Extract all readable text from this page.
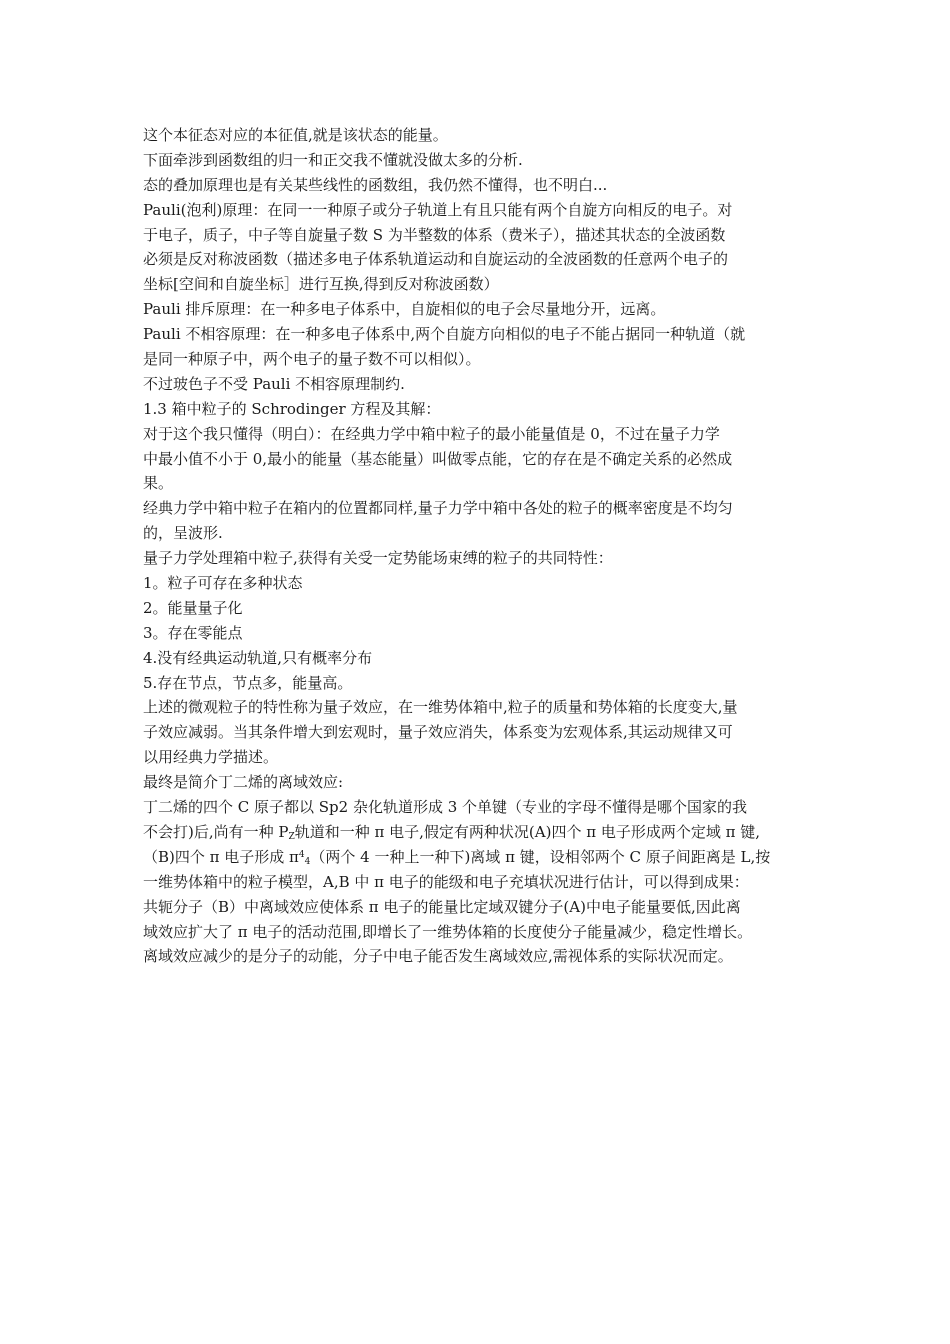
这个本征态对应的本征值,就是该状态的能量。
下面牵涉到函数组的归一和正交我不懂就没做太多的分析.
态的叠加原理也是有关某些线性的函数组，我仍然不懂得，也不明白...
Pauli(泡利)原理：在同一一种原子或分子轨道上有且只能有两个自旋方向相反的电子。对
于电子，质子，中子等自旋量子数 S 为半整数的体系（费米子），描述其状态的全波函数
必须是反对称波函数（描述多电子体系轨道运动和自旋运动的全波函数的任意两个电子的
坐标[空间和自旋坐标］进行互换,得到反对称波函数）
Pauli 排斥原理：在一种多电子体系中，自旋相似的电子会尽量地分开，远离。
Pauli 不相容原理：在一种多电子体系中,两个自旋方向相似的电子不能占据同一种轨道（就
是同一种原子中，两个电子的量子数不可以相似）。
不过玻色子不受 Pauli 不相容原理制约.
1.3 箱中粒子的 Schrodinger 方程及其解：
对于这个我只懂得（明白）：在经典力学中箱中粒子的最小能量值是 0，不过在量子力学
中最小值不小于 0,最小的能量（基态能量）叫做零点能，它的存在是不确定关系的必然成
果。
经典力学中箱中粒子在箱内的位置都同样,量子力学中箱中各处的粒子的概率密度是不均匀
的，呈波形.
量子力学处理箱中粒子,获得有关受一定势能场束缚的粒子的共同特性：
1。粒子可存在多种状态
2。能量量子化
3。存在零能点
4.没有经典运动轨道,只有概率分布
5.存在节点，节点多，能量高。
上述的微观粒子的特性称为量子效应，在一维势体箱中,粒子的质量和势体箱的长度变大,量
子效应减弱。当其条件增大到宏观时，量子效应消失，体系变为宏观体系,其运动规律又可
以用经典力学描述。
最终是简介丁二烯的离域效应:
丁二烯的四个 C 原子都以 Sp2 杂化轨道形成 3 个单键（专业的字母不懂得是哪个国家的我
不会打)后,尚有一种 $P_Z$轨道和一种 π 电子,假定有两种状况(A)四个 π 电子形成两个定域 π 键,
（B)四个 π 电子形成 $\pi^4_4$（两个 4 一种上一种下)离域 π 键，设相邻两个 C 原子间距离是 L,按
一维势体箱中的粒子模型，A,B 中 π 电子的能级和电子充填状况进行估计，可以得到成果：
共轭分子（B）中离域效应使体系 π 电子的能量比定域双键分子(A)中电子能量要低,因此离
域效应扩大了 π 电子的活动范围,即增长了一维势体箱的长度使分子能量减少，稳定性增长。
离域效应减少的是分子的动能，分子中电子能否发生离域效应,需视体系的实际状况而定。
